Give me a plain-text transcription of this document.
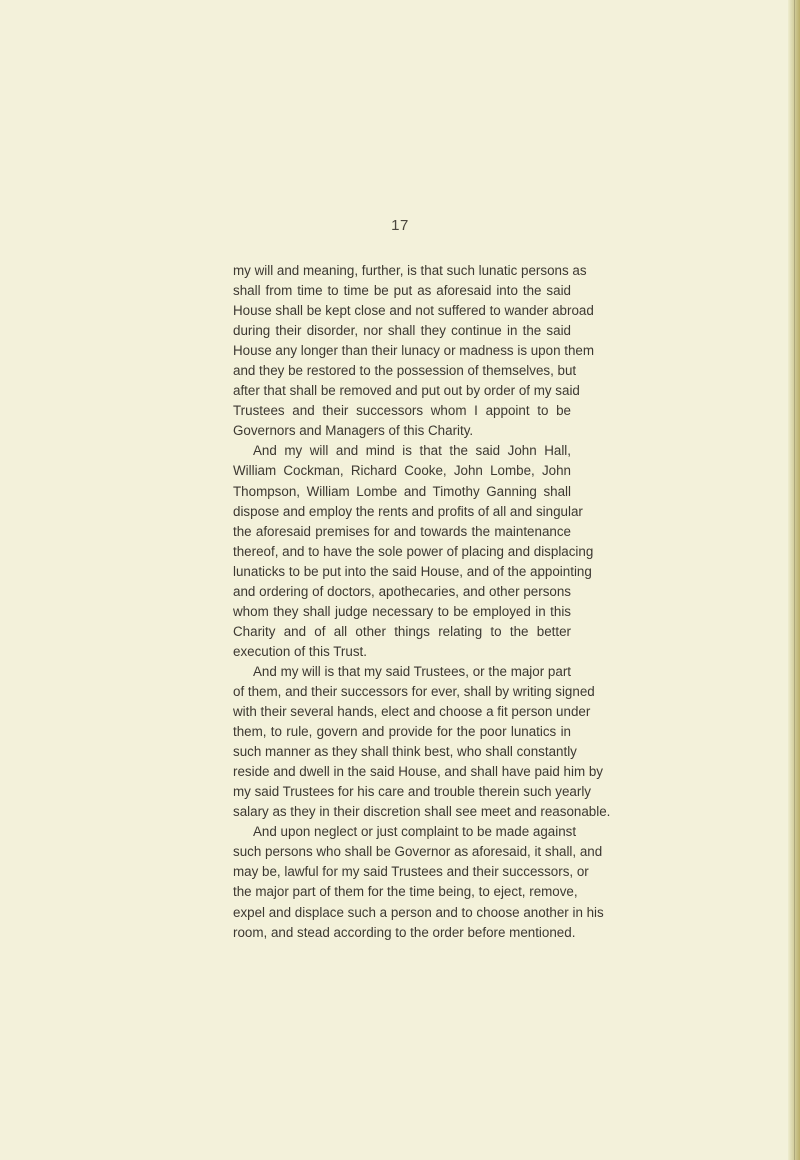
17
my will and meaning, further, is that such lunatic persons as
shall from time to time be put as aforesaid into the said
House shall be kept close and not suffered to wander abroad
during their disorder, nor shall they continue in the said
House any longer than their lunacy or madness is upon them
and they be restored to the possession of themselves, but
after that shall be removed and put out by order of my said
Trustees and their successors whom I appoint to be
Governors and Managers of this Charity.
And my will and mind is that the said John Hall,
William Cockman, Richard Cooke, John Lombe, John
Thompson, William Lombe and Timothy Ganning shall
dispose and employ the rents and profits of all and singular
the aforesaid premises for and towards the maintenance
thereof, and to have the sole power of placing and displacing
lunaticks to be put into the said House, and of the appointing
and ordering of doctors, apothecaries, and other persons
whom they shall judge necessary to be employed in this
Charity and of all other things relating to the better
execution of this Trust.
And my will is that my said Trustees, or the major part
of them, and their successors for ever, shall by writing signed
with their several hands, elect and choose a fit person under
them, to rule, govern and provide for the poor lunatics in
such manner as they shall think best, who shall constantly
reside and dwell in the said House, and shall have paid him by
my said Trustees for his care and trouble therein such yearly
salary as they in their discretion shall see meet and reasonable.
And upon neglect or just complaint to be made against
such persons who shall be Governor as aforesaid, it shall, and
may be, lawful for my said Trustees and their successors, or
the major part of them for the time being, to eject, remove,
expel and displace such a person and to choose another in his
room, and stead according to the order before mentioned.
